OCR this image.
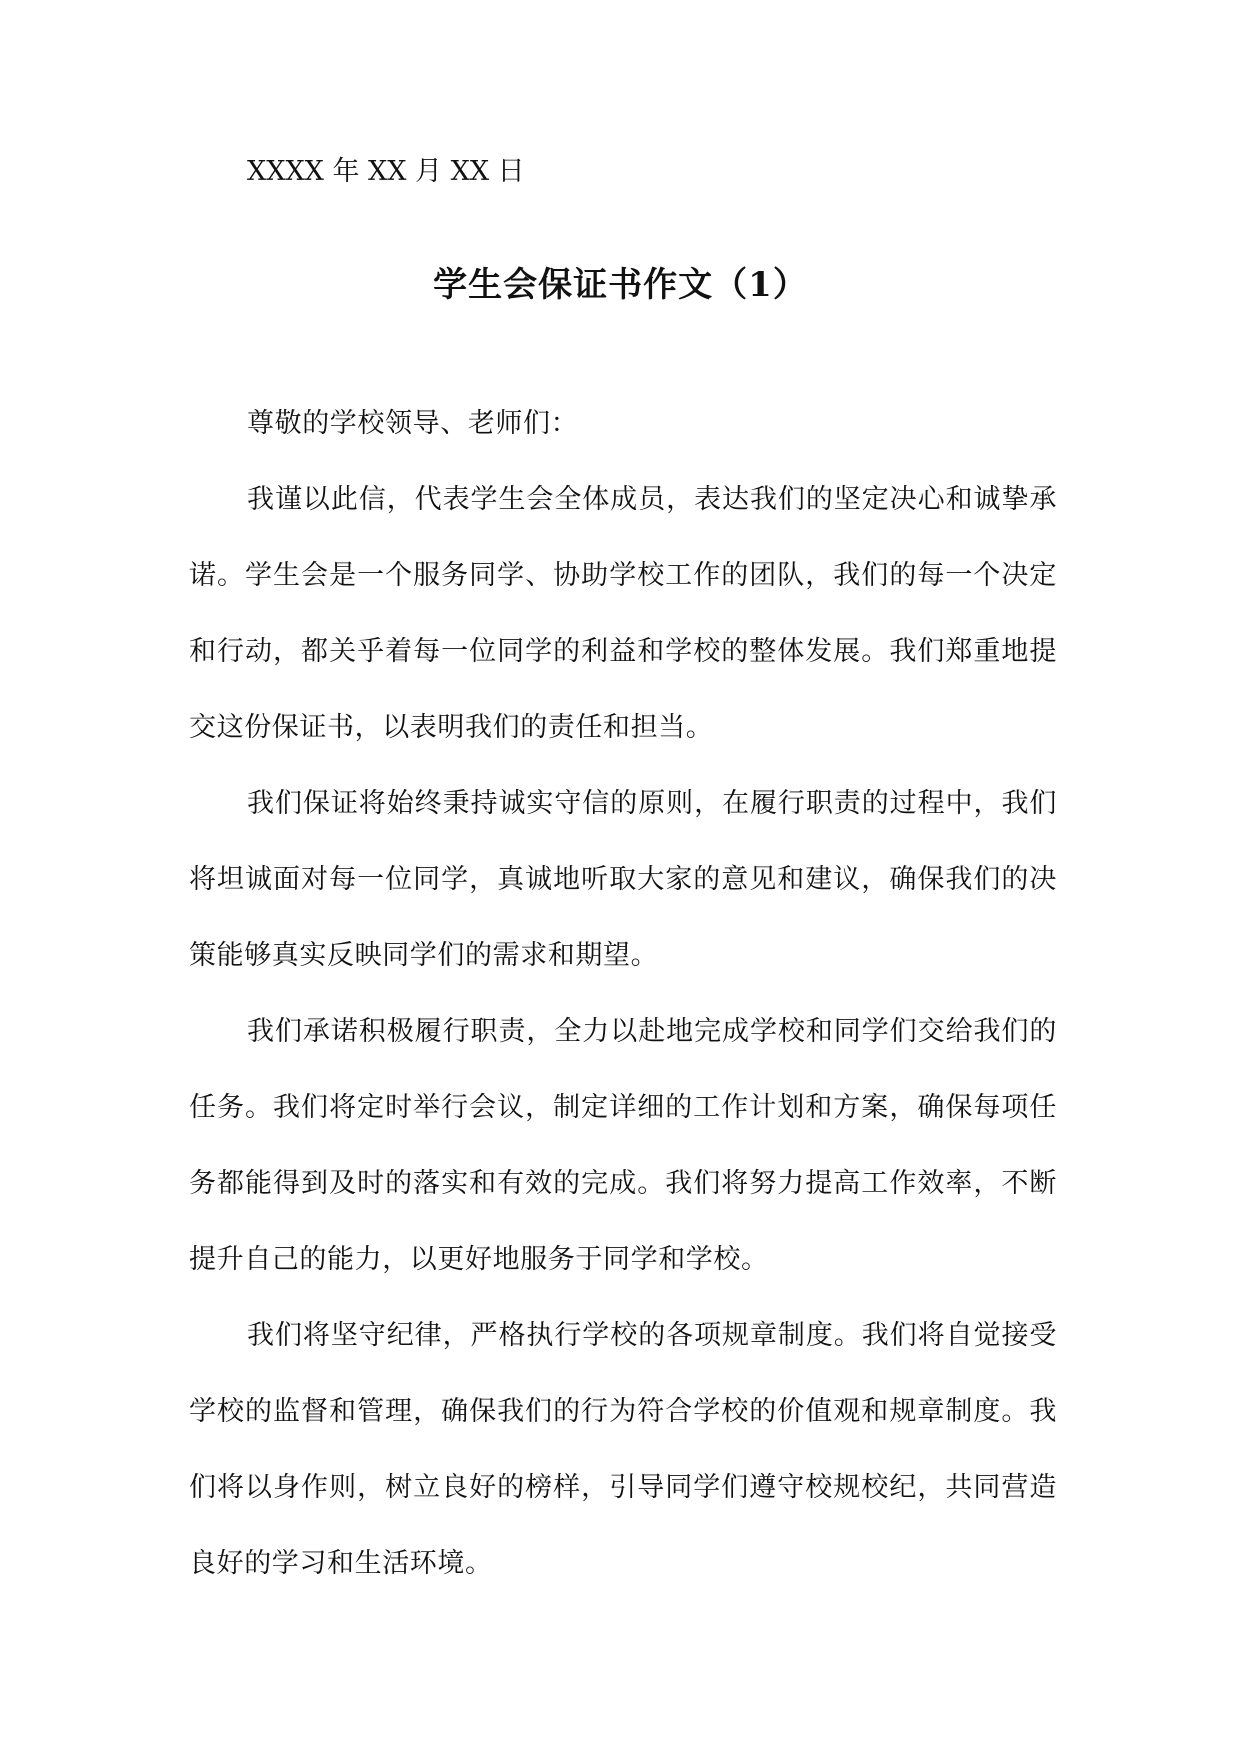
XXXX 年 XX 月 XX 日
学生会保证书作文（1）

尊敬的学校领导、老师们：

我谨以此信，代表学生会全体成员，表达我们的坚定决心和诚挚承诺。学生会是一个服务同学、协助学校工作的团队，我们的每一个决定和行动，都关乎着每一位同学的利益和学校的整体发展。我们郑重地提交这份保证书，以表明我们的责任和担当。

我们保证将始终秉持诚实守信的原则，在履行职责的过程中，我们将坦诚面对每一位同学，真诚地听取大家的意见和建议，确保我们的决策能够真实反映同学们的需求和期望。

我们承诺积极履行职责，全力以赴地完成学校和同学们交给我们的任务。我们将定时举行会议，制定详细的工作计划和方案，确保每项任务都能得到及时的落实和有效的完成。我们将努力提高工作效率，不断提升自己的能力，以更好地服务于同学和学校。

我们将坚守纪律，严格执行学校的各项规章制度。我们将自觉接受学校的监督和管理，确保我们的行为符合学校的价值观和规章制度。我们将以身作则，树立良好的榜样，引导同学们遵守校规校纪，共同营造良好的学习和生活环境。
